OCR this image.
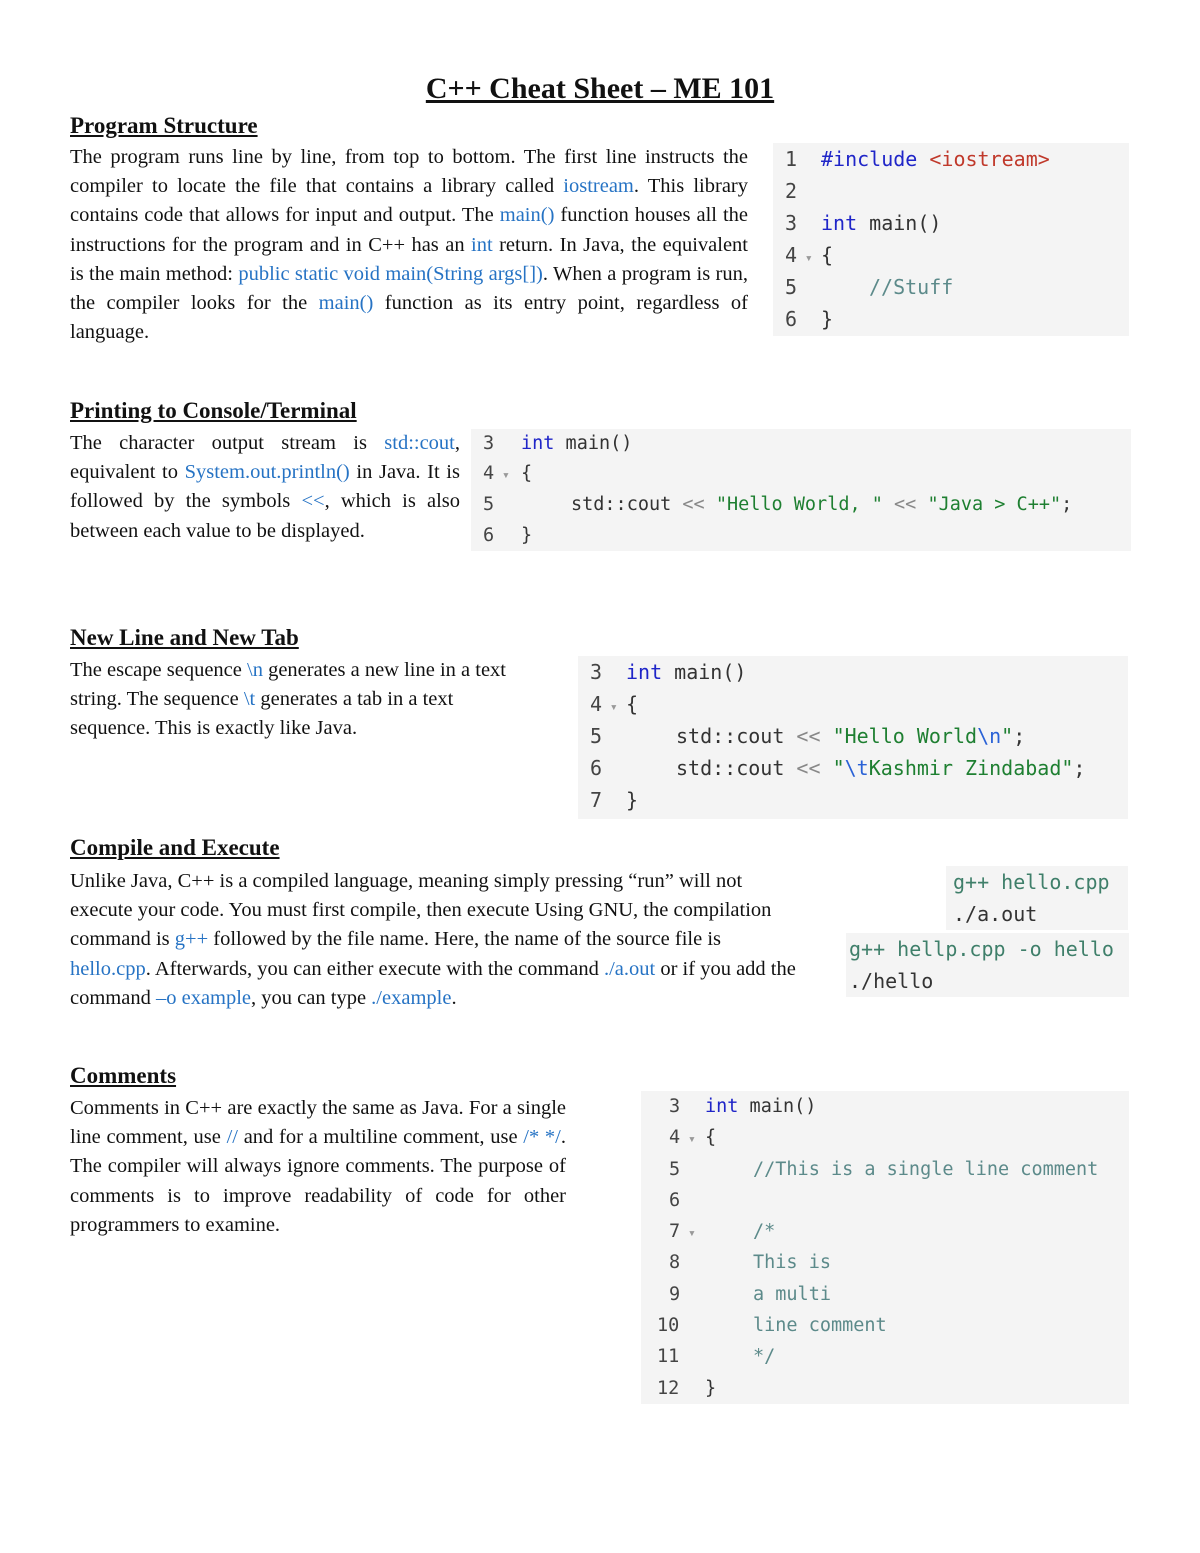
C++ Cheat Sheet – ME 101
Program Structure

The program runs line by line, from top to bottom. The first line instructs the compiler to locate the file that contains a library called iostream. This library contains code that allows for input and output. The main() function houses all the instructions for the program and in C++ has an int return. In Java, the equivalent is the main method: public static void main(String args[]). When a program is run, the compiler looks for the main() function as its entry point, regardless of language.

1 #include <iostream>
2
3 int main()
4 ▾ {
5	//Stuff
6 }
Printing to Console/Terminal

The character output stream is std::cout, equivalent to System.out.println() in Java. It is followed by the symbols <<, which is also between each value to be displayed.

3 int main()
4 ▾ {
5	std::cout << "Hello World, " << "Java > C++";
6 }
New Line and New Tab

The escape sequence \n generates a new line in a text string. The sequence \t generates a tab in a text sequence. This is exactly like Java.

3 int main()
4 ▾ {
5	std::cout << "Hello World\n";
6	std::cout << "\tKashmir Zindabad";
7 }
Compile and Execute

Unlike Java, C++ is a compiled language, meaning simply pressing “run” will not execute your code. You must first compile, then execute Using GNU, the compilation command is g++ followed by the file name. Here, the name of the source file is hello.cpp. Afterwards, you can either execute with the command ./a.out or if you add the command –o example, you can type ./example.

g++ hello.cpp
./a.out
g++ hellp.cpp -o hello
./hello
Comments

Comments in C++ are exactly the same as Java. For a single line comment, use // and for a multiline comment, use /* */. The compiler will always ignore comments. The purpose of comments is to improve readability of code for other programmers to examine.

3 int main()
4 ▾ {
5	//This is a single line comment
6
7 ▾	/*
8	This is
9	a multi
10	line comment
11	*/
12 }
